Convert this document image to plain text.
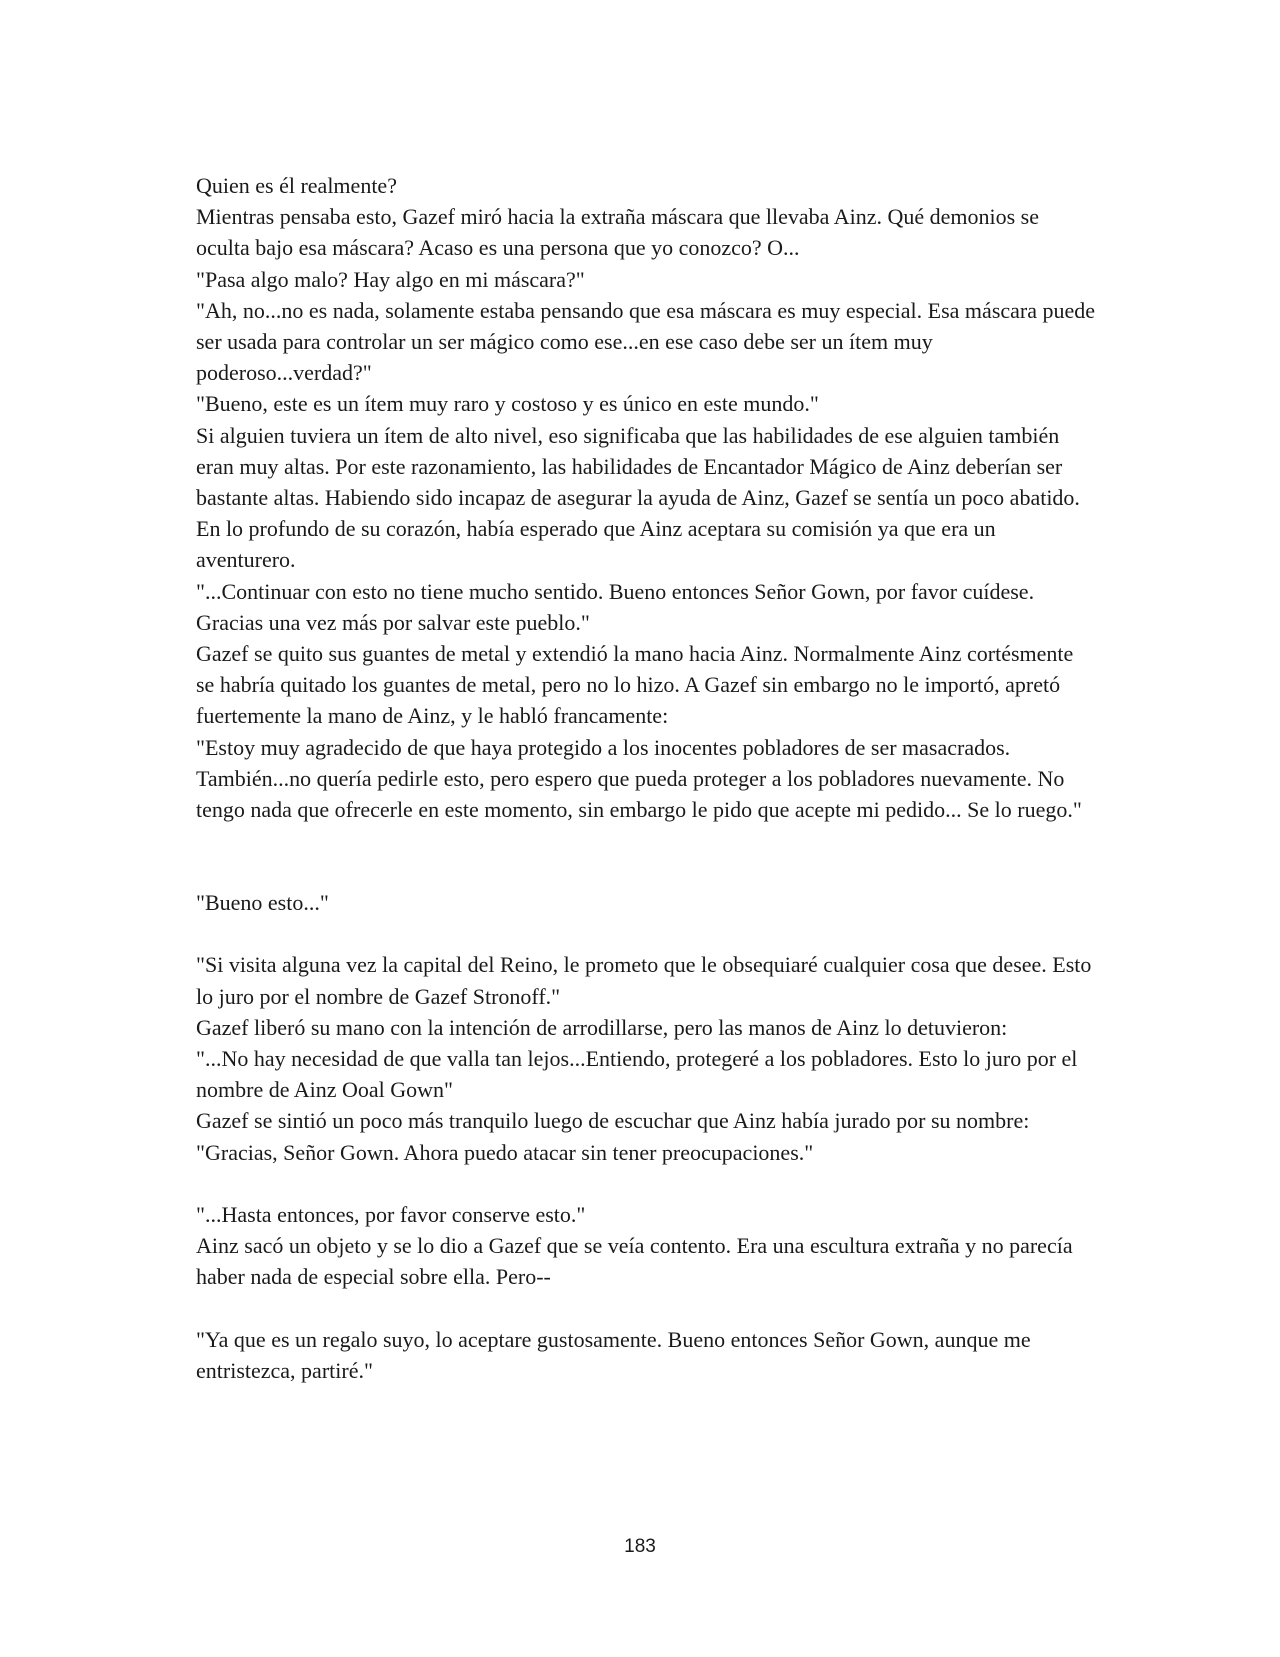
Quien es él realmente?

Mientras pensaba esto, Gazef miró hacia la extraña máscara que llevaba Ainz. Qué demonios se oculta bajo esa máscara? Acaso es una persona que yo conozco? O...

"Pasa algo malo? Hay algo en mi máscara?"

"Ah, no...no es nada, solamente estaba pensando que esa máscara es muy especial. Esa máscara puede ser usada para controlar un ser mágico como ese...en ese caso debe ser un ítem muy poderoso...verdad?"

"Bueno, este es un ítem muy raro y costoso y es único en este mundo."

Si alguien tuviera un ítem de alto nivel, eso significaba que las habilidades de ese alguien también eran muy altas. Por este razonamiento, las habilidades de Encantador Mágico de Ainz deberían ser bastante altas. Habiendo sido incapaz de asegurar la ayuda de Ainz, Gazef se sentía un poco abatido.

En lo profundo de su corazón, había esperado que Ainz aceptara su comisión ya que era un aventurero.

"...Continuar con esto no tiene mucho sentido. Bueno entonces Señor Gown, por favor cuídese. Gracias una vez más por salvar este pueblo."

Gazef se quito sus guantes de metal y extendió la mano hacia Ainz. Normalmente Ainz cortésmente se habría quitado los guantes de metal, pero no lo hizo. A Gazef sin embargo no le importó, apretó fuertemente la mano de Ainz, y le habló francamente:

"Estoy muy agradecido de que haya protegido a los inocentes pobladores de ser masacrados. También...no quería pedirle esto, pero espero que pueda proteger a los pobladores nuevamente. No tengo nada que ofrecerle en este momento, sin embargo le pido que acepte mi pedido... Se lo ruego."

"Bueno esto..."

"Si visita alguna vez la capital del Reino, le prometo que le obsequiaré cualquier cosa que desee. Esto lo juro por el nombre de Gazef Stronoff."

Gazef liberó su mano con la intención de arrodillarse, pero las manos de Ainz lo detuvieron:

"...No hay necesidad de que valla tan lejos...Entiendo, protegeré a los pobladores. Esto lo juro por el nombre de Ainz Ooal Gown"

Gazef se sintió un poco más tranquilo luego de escuchar que Ainz había jurado por su nombre:

"Gracias, Señor Gown. Ahora puedo atacar sin tener preocupaciones."

"...Hasta entonces, por favor conserve esto."

Ainz sacó un objeto y se lo dio a Gazef que se veía contento. Era una escultura extraña y no parecía haber nada de especial sobre ella. Pero--

"Ya que es un regalo suyo, lo aceptare gustosamente. Bueno entonces Señor Gown, aunque me entristezca, partiré."

183
